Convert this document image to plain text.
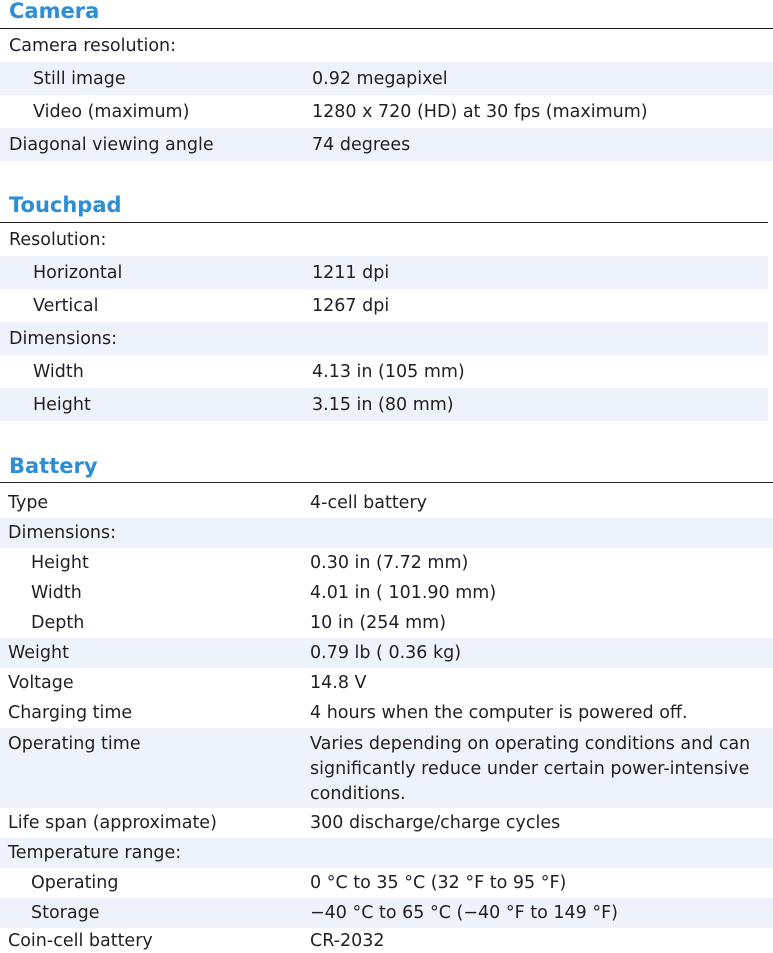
Camera
Camera resolution:
Still image	0.92 megapixel
Video (maximum)	1280 x 720 (HD) at 30 fps (maximum)
Diagonal viewing angle	74 degrees
Touchpad
Resolution:
Horizontal	1211 dpi
Vertical	1267 dpi
Dimensions:
Width	4.13 in (105 mm)
Height	3.15 in (80 mm)
Battery
Type	4-cell battery
Dimensions:
Height	0.30 in (7.72 mm)
Width	4.01 in ( 101.90 mm)
Depth	10 in (254 mm)
Weight	0.79 lb ( 0.36 kg)
Voltage	14.8 V
Charging time	4 hours when the computer is powered off.
Operating time	Varies depending on operating conditions and can significantly reduce under certain power-intensive conditions.
Life span (approximate)	300 discharge/charge cycles
Temperature range:
Operating	0 °C to 35 °C (32 °F to 95 °F)
Storage	−40 °C to 65 °C (−40 °F to 149 °F)
Coin-cell battery	CR-2032
